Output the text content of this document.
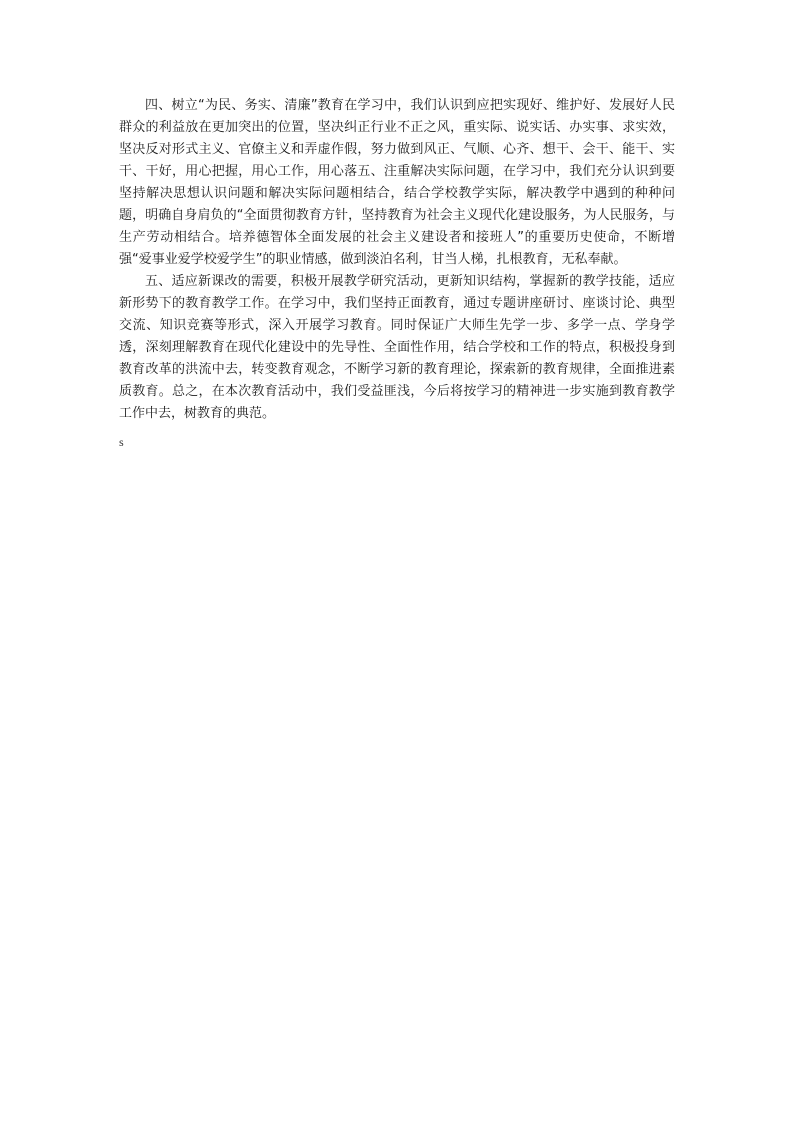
四、树立“为民、务实、清廉”教育在学习中，我们认识到应把实现好、维护好、发展好人民群众的利益放在更加突出的位置，坚决纠正行业不正之风，重实际、说实话、办实事、求实效，坚决反对形式主义、官僚主义和弄虚作假，努力做到风正、气顺、心齐、想干、会干、能干、实干、干好，用心把握，用心工作，用心落五、注重解决实际问题，在学习中，我们充分认识到要坚持解决思想认识问题和解决实际问题相结合，结合学校教学实际，解决教学中遇到的种种问题，明确自身肩负的“全面贯彻教育方针，坚持教育为社会主义现代化建设服务，为人民服务，与生产劳动相结合。培养德智体全面发展的社会主义建设者和接班人”的重要历史使命，不断增强“爱事业爱学校爱学生”的职业情感，做到淡泊名利，甘当人梯，扎根教育，无私奉献。

五、适应新课改的需要，积极开展教学研究活动，更新知识结构，掌握新的教学技能，适应新形势下的教育教学工作。在学习中，我们坚持正面教育，通过专题讲座研讨、座谈讨论、典型交流、知识竞赛等形式，深入开展学习教育。同时保证广大师生先学一步、多学一点、学身学透，深刻理解教育在现代化建设中的先导性、全面性作用，结合学校和工作的特点，积极投身到教育改革的洪流中去，转变教育观念，不断学习新的教育理论，探索新的教育规律，全面推进素质教育。总之，在本次教育活动中，我们受益匪浅，今后将按学习的精神进一步实施到教育教学工作中去，树教育的典范。

s
